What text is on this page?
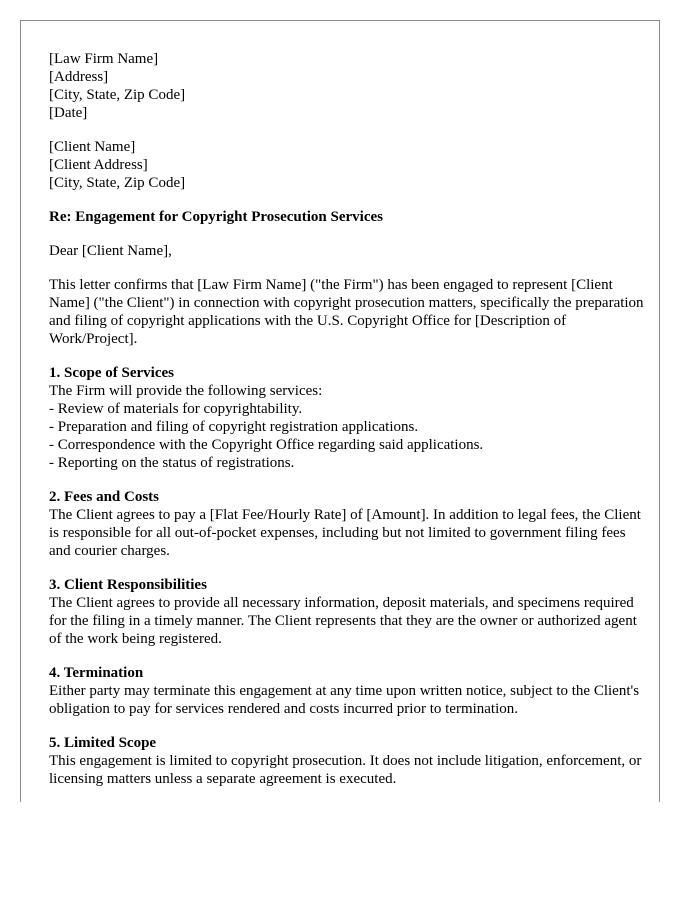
[Law Firm Name]
[Address]
[City, State, Zip Code]
[Date]
[Client Name]
[Client Address]
[City, State, Zip Code]
Re: Engagement for Copyright Prosecution Services
Dear [Client Name],

This letter confirms that [Law Firm Name] ("the Firm") has been engaged to represent [Client Name] ("the Client") in connection with copyright prosecution matters, specifically the preparation and filing of copyright applications with the U.S. Copyright Office for [Description of Work/Project].

1. Scope of Services
The Firm will provide the following services:
- Review of materials for copyrightability.
- Preparation and filing of copyright registration applications.
- Correspondence with the Copyright Office regarding said applications.
- Reporting on the status of registrations.
2. Fees and Costs

The Client agrees to pay a [Flat Fee/Hourly Rate] of [Amount]. In addition to legal fees, the Client is responsible for all out-of-pocket expenses, including but not limited to government filing fees and courier charges.

3. Client Responsibilities

The Client agrees to provide all necessary information, deposit materials, and specimens required for the filing in a timely manner. The Client represents that they are the owner or authorized agent of the work being registered.

4. Termination

Either party may terminate this engagement at any time upon written notice, subject to the Client's obligation to pay for services rendered and costs incurred prior to termination.

5. Limited Scope

This engagement is limited to copyright prosecution. It does not include litigation, enforcement, or licensing matters unless a separate agreement is executed.
